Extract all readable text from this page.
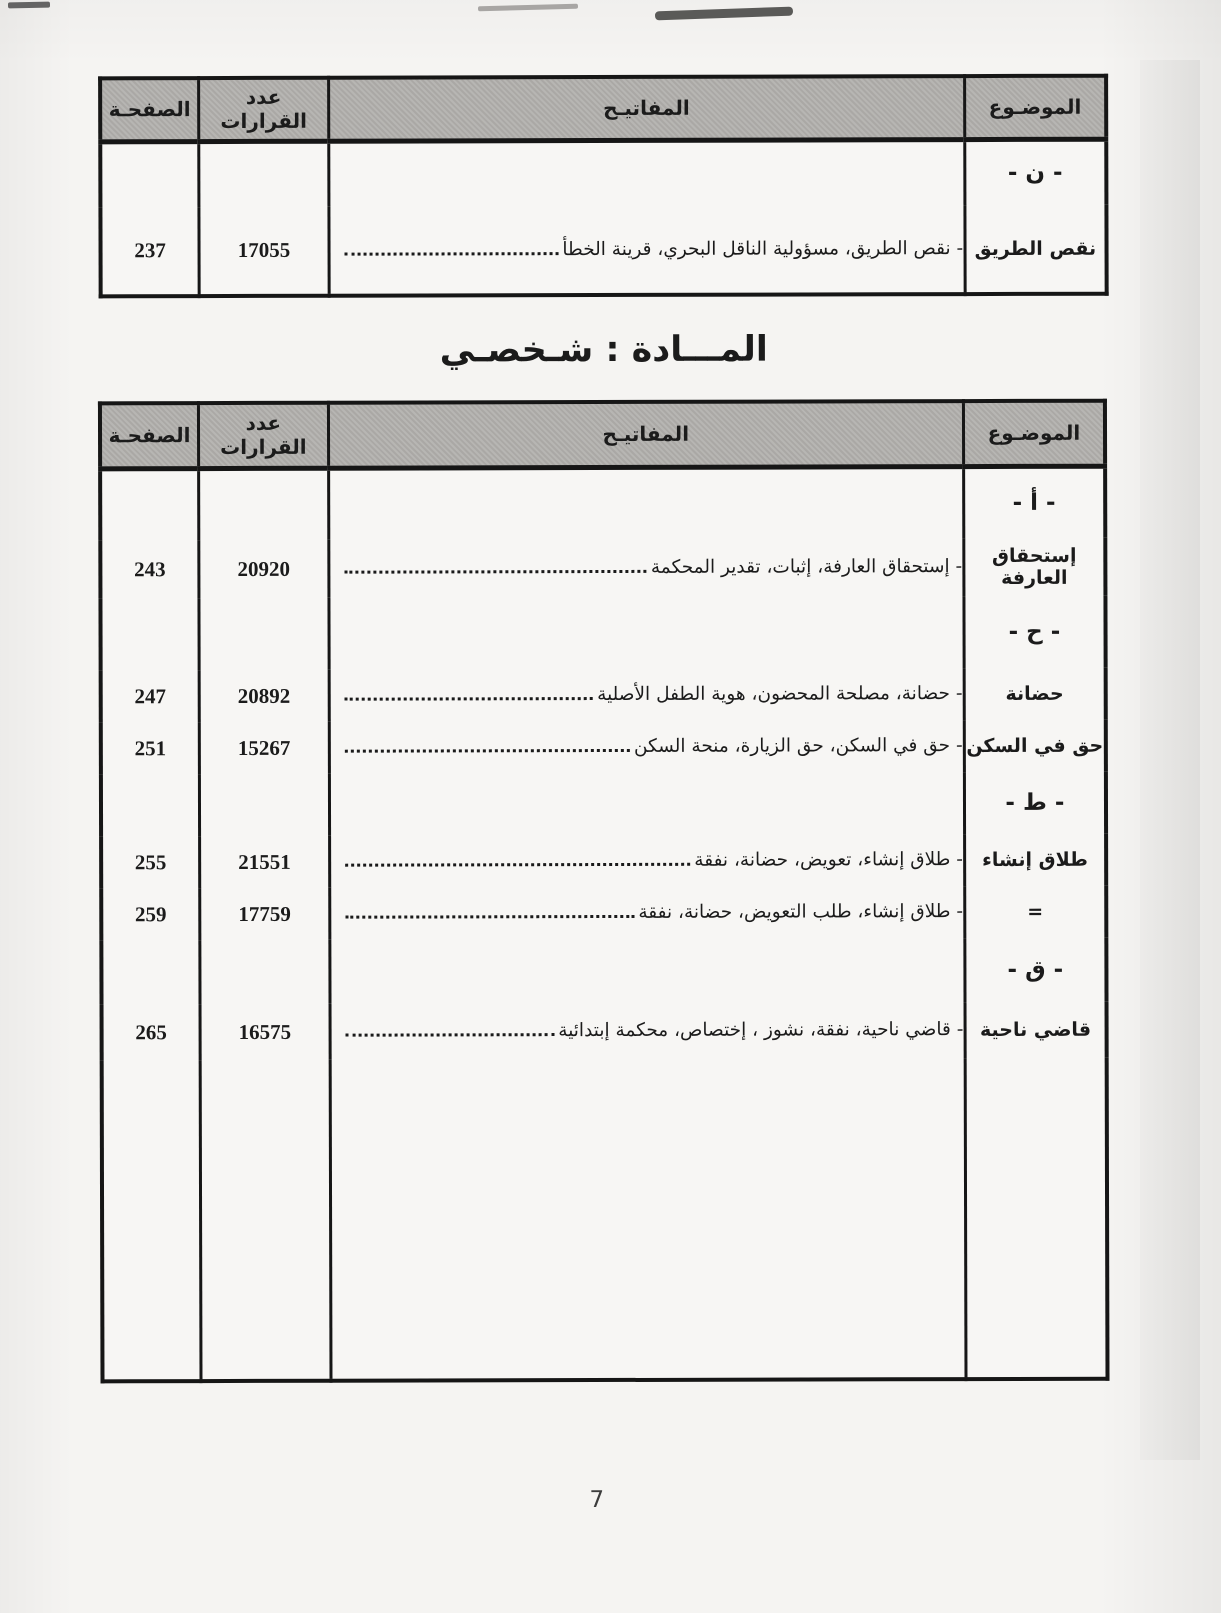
الموضـوع	المفاتيـح	عدد القرارات	الصفحـة
- ن -			
نقص الطريق	- نقص الطريق، مسؤولية الناقل البحري، قرينة الخطأ	17055	237
المـــادة : شـخصـي
الموضـوع	المفاتيـح	عدد القرارات	الصفحـة
- أ -			
إستحقاق العارفة	- إستحقاق العارفة، إثبات، تقدير المحكمة	20920	243
- ح -			
حضانة	- حضانة، مصلحة المحضون، هوية الطفل الأصلية	20892	247
حق في السكن	- حق في السكن، حق الزيارة، منحة السكن	15267	251
- ط -			
طلاق إنشاء	- طلاق إنشاء، تعويض، حضانة، نفقة	21551	255
=	- طلاق إنشاء، طلب التعويض، حضانة، نفقة	17759	259
- ق -			
قاضي ناحية	- قاضي ناحية، نفقة، نشوز ، إختصاص، محكمة إبتدائية	16575	265

7
